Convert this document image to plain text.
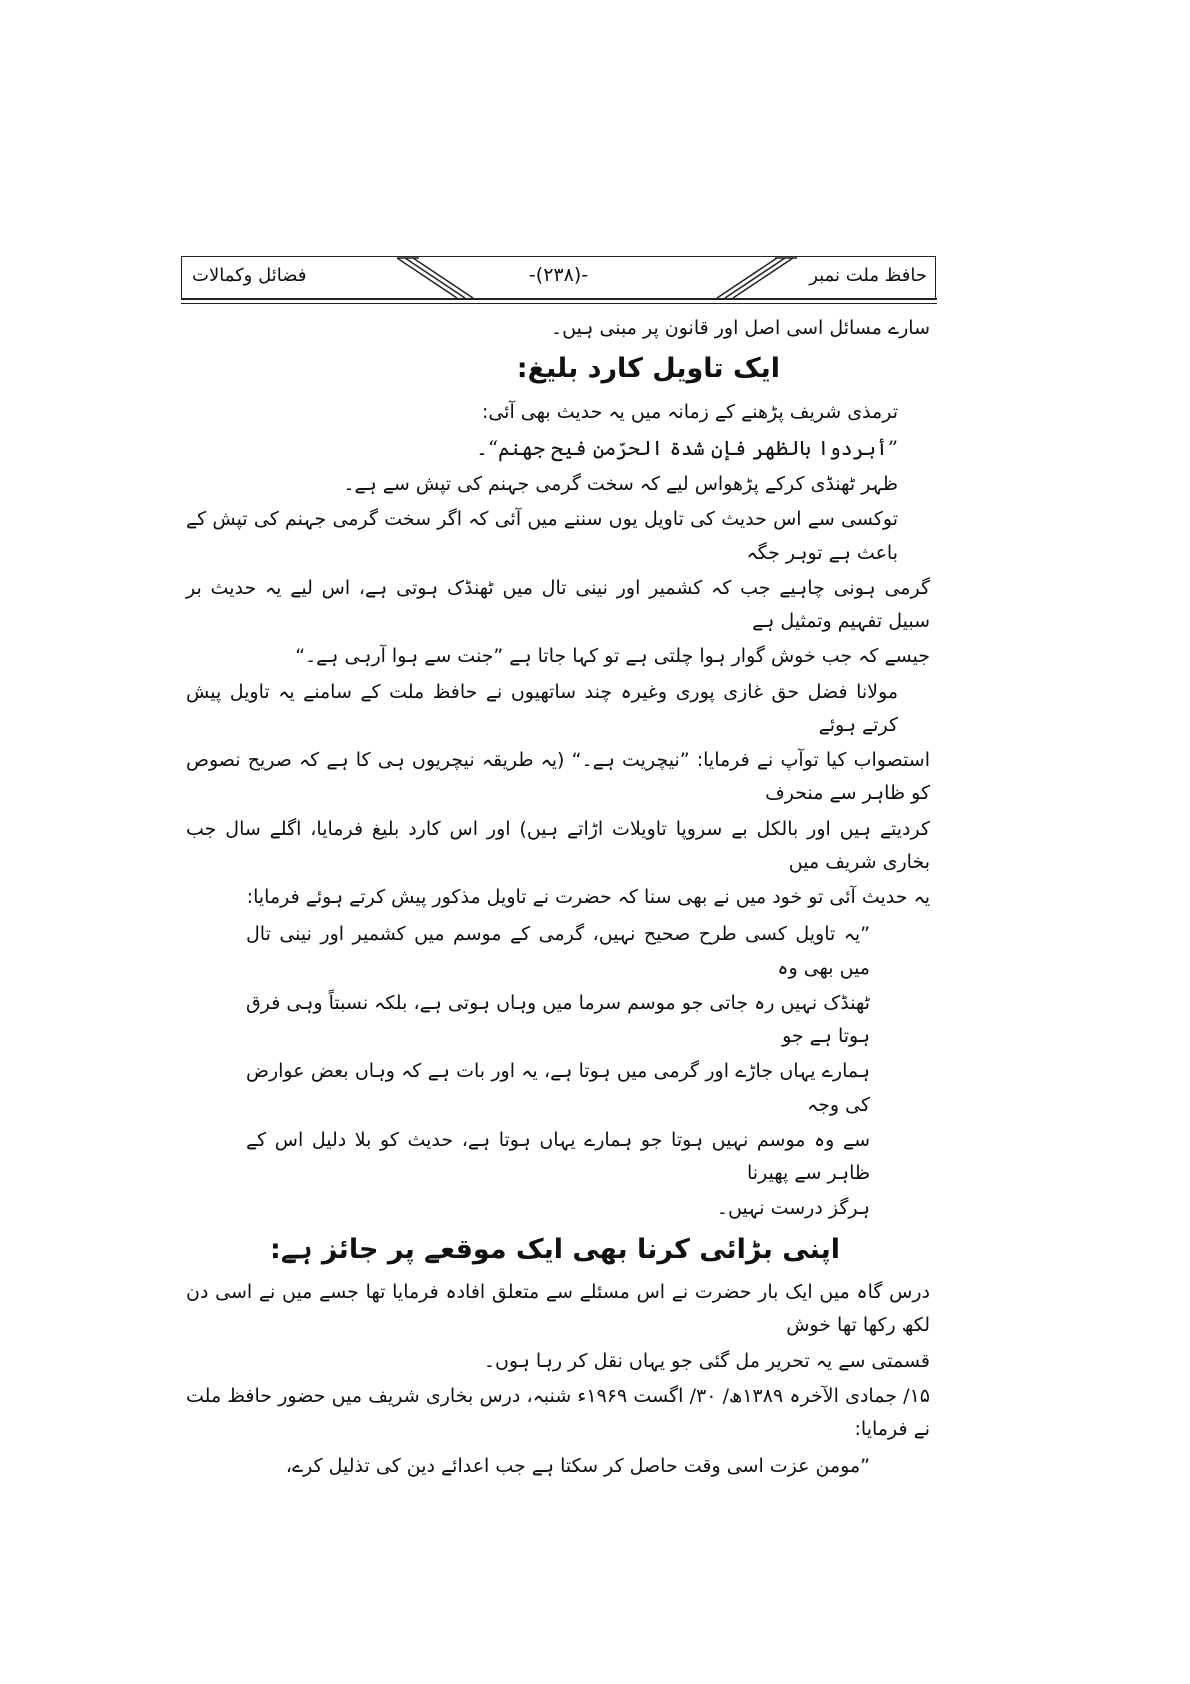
فضائل وکمالات	-(۲۳۸)-	حافظ ملت نمبر
سارے مسائل اسی اصل اور قانون پر مبنی ہیں۔
ایک تاویل کارد بلیغ:
ترمذی شریف پڑھنے کے زمانہ میں یہ حدیث بھی آئی:
”أبردوا بالظهر فإن شدة الحرّمن فيح جهنم“۔
ظہر ٹھنڈی کرکے پڑھواس لیے کہ سخت گرمی جہنم کی تپش سے ہے۔
توکسی سے اس حدیث کی تاویل یوں سننے میں آئی کہ اگر سخت گرمی جہنم کی تپش کے باعث ہے توہر جگہ
گرمی ہونی چاہیے جب کہ کشمیر اور نینی تال میں ٹھنڈک ہوتی ہے، اس لیے یہ حدیث بر سبیل تفہیم وتمثیل ہے
جیسے کہ جب خوش گوار ہوا چلتی ہے تو کہا جاتا ہے ”جنت سے ہوا آرہی ہے۔“
مولانا فضل حق غازی پوری وغیرہ چند ساتھیوں نے حافظ ملت کے سامنے یہ تاویل پیش کرتے ہوئے
استصواب کیا توآپ نے فرمایا: ”نیچریت ہے۔“ (یہ طریقہ نیچریوں ہی کا ہے کہ صریح نصوص کو ظاہر سے منحرف
کردیتے ہیں اور بالکل بے سروپا تاویلات اڑاتے ہیں) اور اس کارد بلیغ فرمایا، اگلے سال جب بخاری شریف میں
یہ حدیث آئی تو خود میں نے بھی سنا کہ حضرت نے تاویل مذکور پیش کرتے ہوئے فرمایا:
”یہ تاویل کسی طرح صحیح نہیں، گرمی کے موسم میں کشمیر اور نینی تال میں بھی وہ
ٹھنڈک نہیں رہ جاتی جو موسم سرما میں وہاں ہوتی ہے، بلکہ نسبتاً وہی فرق ہوتا ہے جو
ہمارے یہاں جاڑے اور گرمی میں ہوتا ہے، یہ اور بات ہے کہ وہاں بعض عوارض کی وجہ
سے وہ موسم نہیں ہوتا جو ہمارے یہاں ہوتا ہے، حدیث کو بلا دلیل اس کے ظاہر سے پھیرنا
ہرگز درست نہیں۔
اپنی بڑائی کرنا بھی ایک موقعے پر جائز ہے:
درس گاہ میں ایک بار حضرت نے اس مسئلے سے متعلق افادہ فرمایا تھا جسے میں نے اسی دن لکھ رکھا تھا خوش
قسمتی سے یہ تحریر مل گئی جو یہاں نقل کر رہا ہوں۔
۱۵/ جمادی الآخرہ ۱۳۸۹ھ/ ۳۰/ اگست ۱۹۶۹ء شنبہ، درس بخاری شریف میں حضور حافظ ملت نے فرمایا:
”مومن عزت اسی وقت حاصل کر سکتا ہے جب اعدائے دین کی تذلیل کرے،
